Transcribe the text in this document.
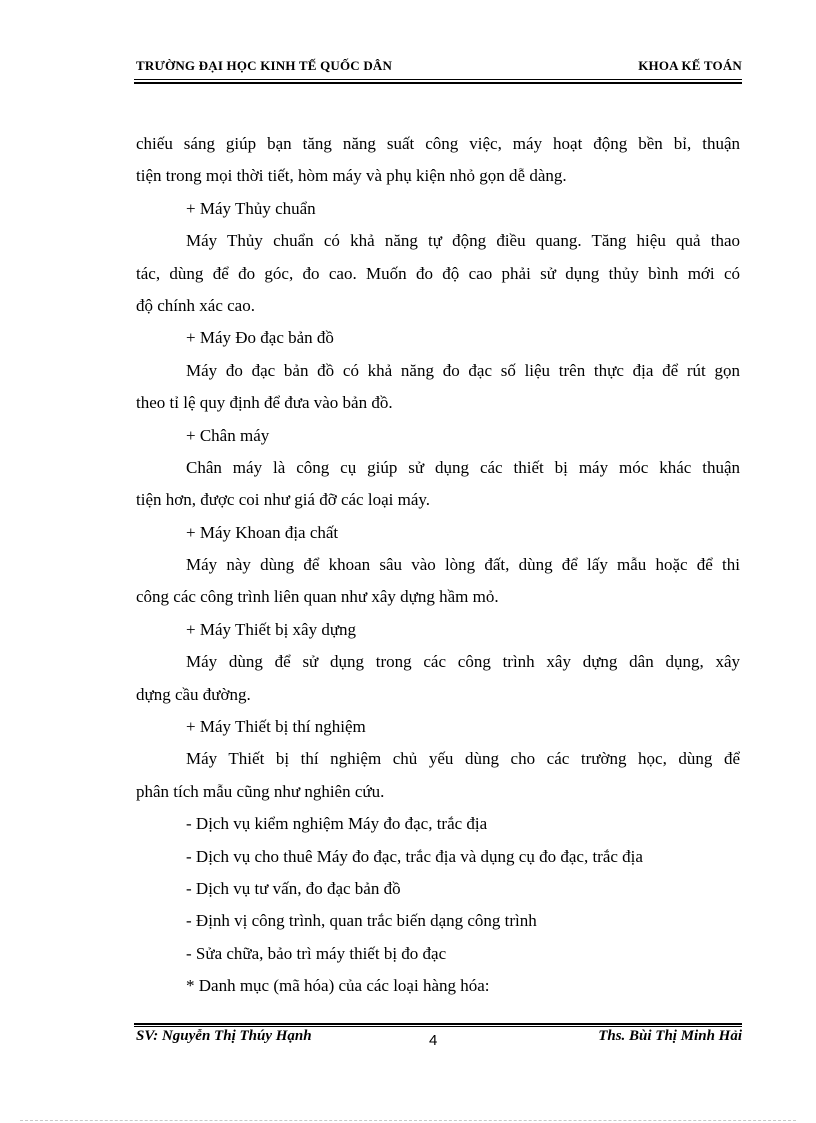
TRƯỜNG ĐẠI HỌC KINH TẾ QUỐC DÂN	KHOA KẾ TOÁN
chiếu sáng giúp bạn tăng năng suất công việc, máy hoạt động bền bỉ, thuận
tiện trong mọi thời tiết, hòm máy và phụ kiện nhỏ gọn dễ dàng.
+ Máy Thủy chuẩn
Máy Thủy chuẩn có khả năng tự động điều quang. Tăng hiệu quả thao
tác, dùng để đo góc, đo cao. Muốn đo độ cao phải sử dụng thủy bình mới có
độ chính xác cao.
+ Máy Đo đạc bản đồ
Máy đo đạc bản đồ có khả năng đo đạc số liệu trên thực địa để rút gọn
theo tỉ lệ quy định để đưa vào bản đồ.
+ Chân máy
Chân máy là công cụ giúp sử dụng các thiết bị máy móc khác thuận
tiện hơn, được coi như giá đỡ các loại máy.
+ Máy Khoan địa chất
Máy này dùng để khoan sâu vào lòng đất, dùng để lấy mẫu hoặc để thi
công các công trình liên quan như xây dựng hầm mỏ.
+ Máy Thiết bị xây dựng
Máy dùng để sử dụng trong các công trình xây dựng dân dụng, xây
dựng cầu đường.
+ Máy Thiết bị thí nghiệm
Máy Thiết bị thí nghiệm chủ yếu dùng cho các trường học, dùng để
phân tích mẫu cũng như nghiên cứu.
- Dịch vụ kiểm nghiệm Máy đo đạc, trắc địa
- Dịch vụ cho thuê Máy đo đạc, trắc địa và dụng cụ đo đạc, trắc địa
- Dịch vụ tư vấn, đo đạc bản đồ
- Định vị công trình, quan trắc biến dạng công trình
- Sửa chữa, bảo trì máy thiết bị đo đạc
* Danh mục (mã hóa) của các loại hàng hóa:
SV: Nguyễn Thị Thúy Hạnh	4	Ths. Bùi Thị Minh Hải
